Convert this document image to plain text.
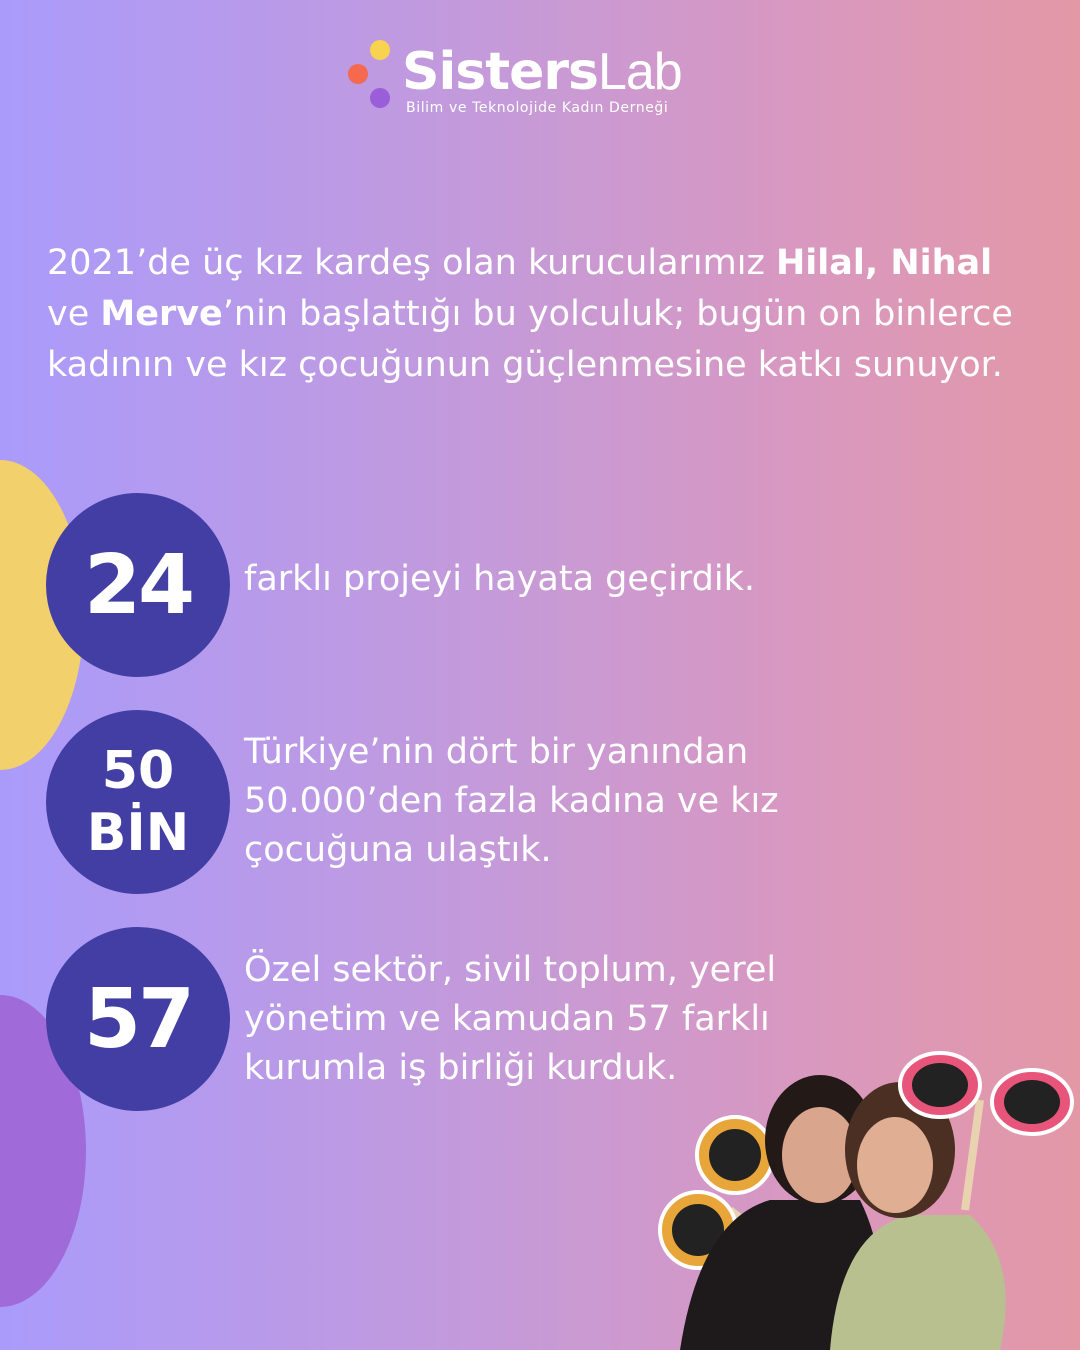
SistersLab
Bilim ve Teknolojide Kadın Derneği
2021’de üç kız kardeş olan kurucularımız Hilal, Nihal ve Merve’nin başlattığı bu yolculuk; bugün on binlerce kadının ve kız çocuğunun güçlenmesine katkı sunuyor.
24 farklı projeyi hayata geçirdik.
50
BİN
Türkiye’nin dört bir yanından 50.000’den fazla kadına ve kız çocuğuna ulaştık.
57
Özel sektör, sivil toplum, yerel yönetim ve kamudan 57 farklı kurumla iş birliği kurduk.
